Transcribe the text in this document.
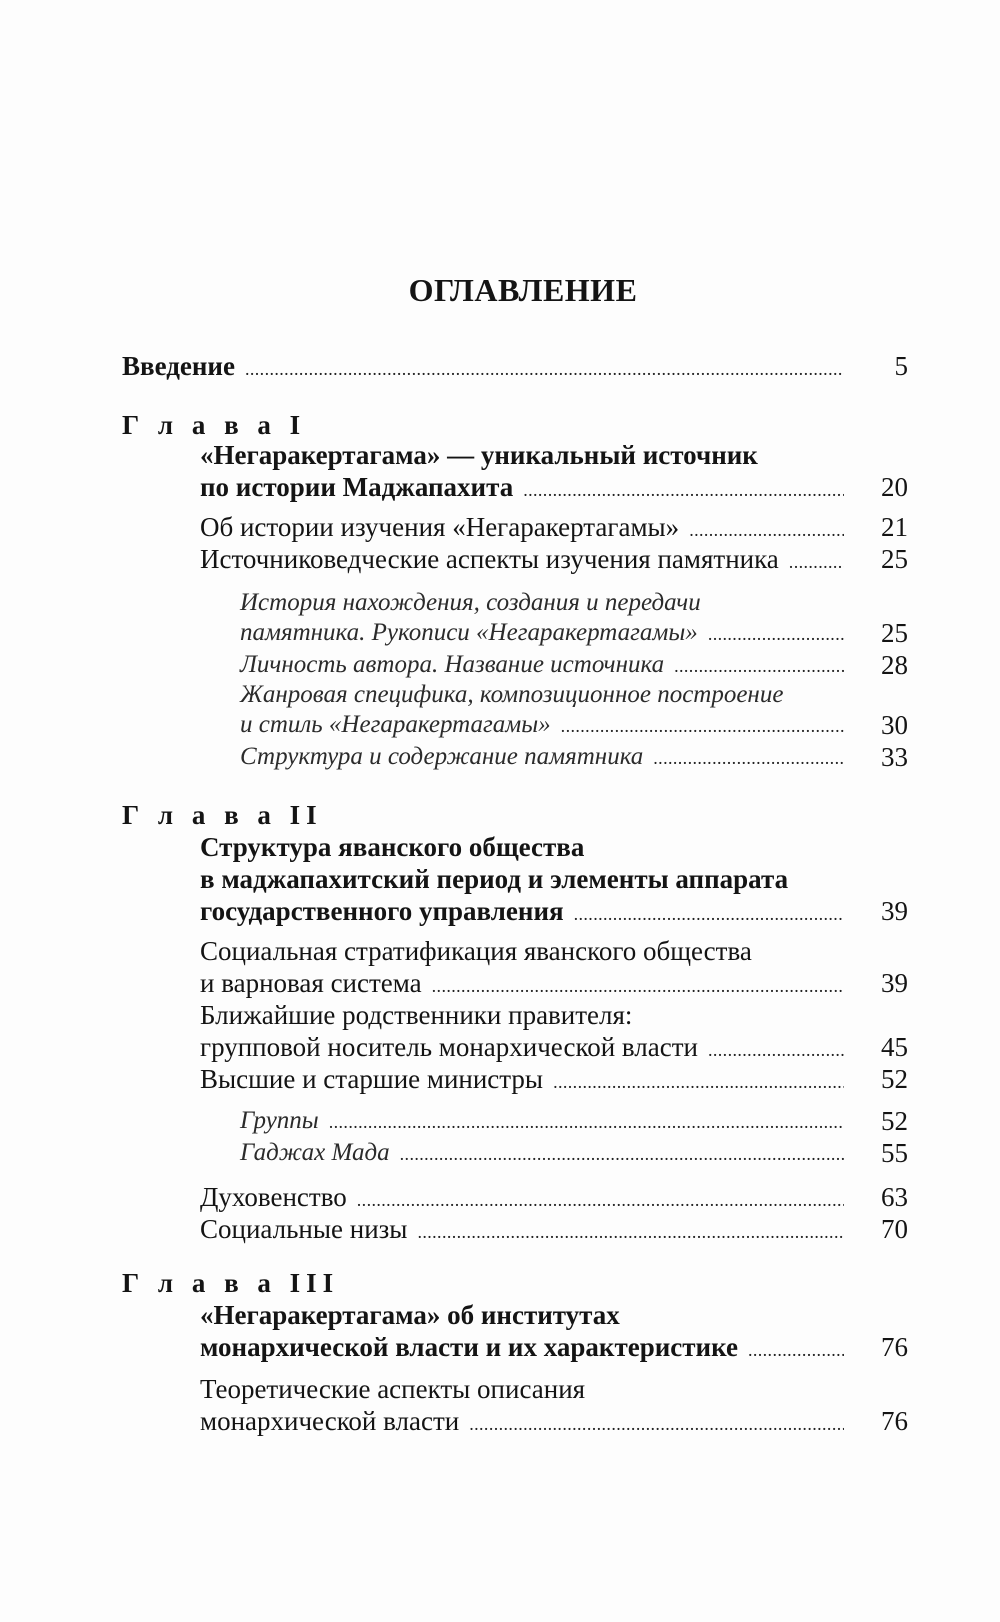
ОГЛАВЛЕНИЕ
Введение .....	5
Г л а в а I
«Негаракертагама» — уникальный источник
по истории Маджапахита .....	20
Об истории изучения «Негаракертагамы» .....	21
Источниковедческие аспекты изучения памятника .....	25
История нахождения, создания и передачи
памятника. Рукописи «Негаракертагамы» .....	25
Личность автора. Название источника .....	28
Жанровая специфика, композиционное построение
и стиль «Негаракертагамы» .....	30
Структура и содержание памятника .....	33
Г л а в а II
Структура яванского общества
в маджапахитский период и элементы аппарата
государственного управления .....	39
Социальная стратификация яванского общества
и варновая система .....	39
Ближайшие родственники правителя:
групповой носитель монархической власти .....	45
Высшие и старшие министры .....	52
Группы .....	52
Гаджах Мада .....	55
Духовенство .....	63
Социальные низы .....	70
Г л а в а III
«Негаракертагама» об институтах
монархической власти и их характеристике .....	76
Теоретические аспекты описания
монархической власти .....	76
